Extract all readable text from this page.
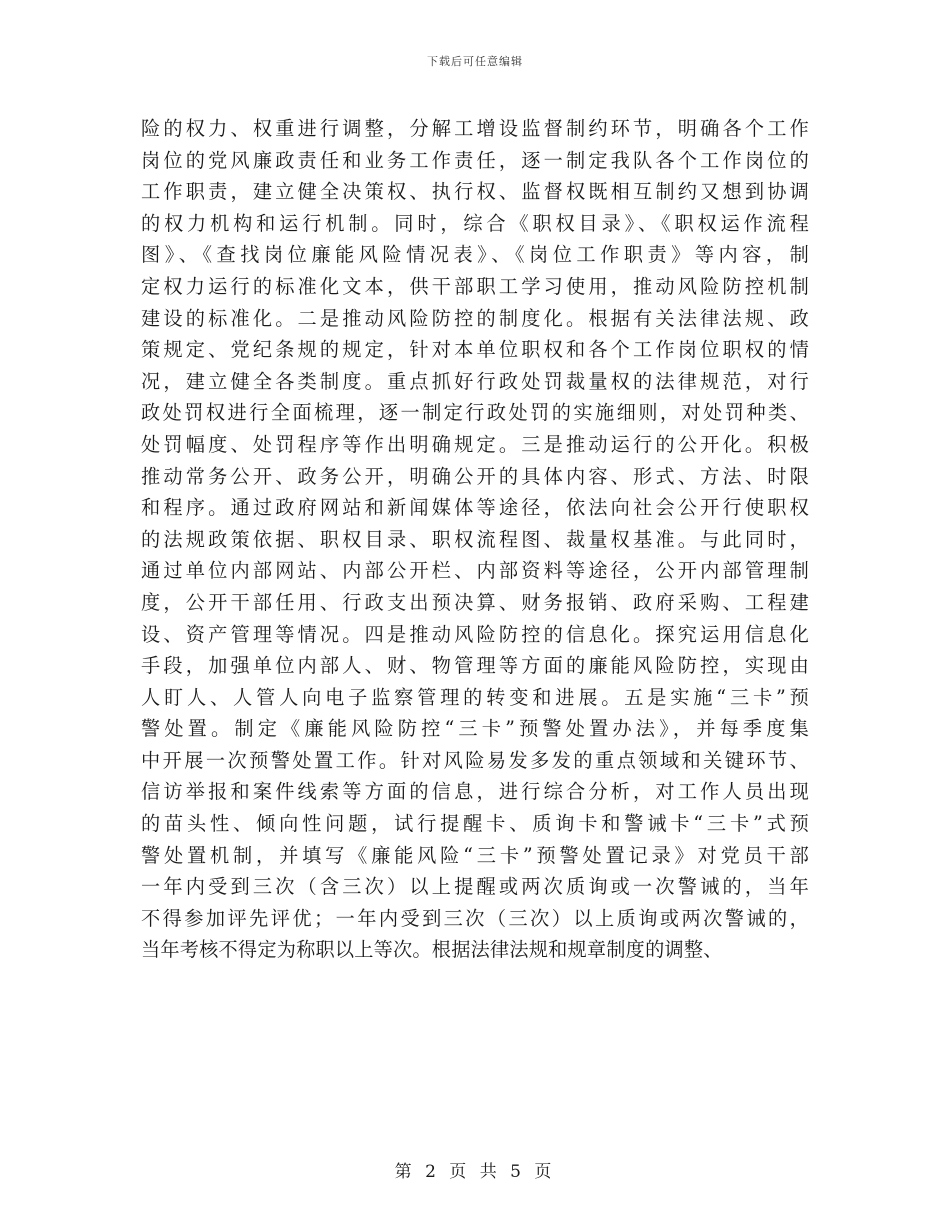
下载后可任意编辑
险的权力、权重进行调整，分解工增设监督制约环节，明确各个工作
岗位的党风廉政责任和业务工作责任，逐一制定我队各个工作岗位的
工作职责，建立健全决策权、执行权、监督权既相互制约又想到协调
的权力机构和运行机制。同时，综合《职权目录》、《职权运作流程
图》、《查找岗位廉能风险情况表》、《岗位工作职责》等内容，制
定权力运行的标准化文本，供干部职工学习使用，推动风险防控机制
建设的标准化。二是推动风险防控的制度化。根据有关法律法规、政
策规定、党纪条规的规定，针对本单位职权和各个工作岗位职权的情
况，建立健全各类制度。重点抓好行政处罚裁量权的法律规范，对行
政处罚权进行全面梳理，逐一制定行政处罚的实施细则，对处罚种类、
处罚幅度、处罚程序等作出明确规定。三是推动运行的公开化。积极
推动常务公开、政务公开，明确公开的具体内容、形式、方法、时限
和程序。通过政府网站和新闻媒体等途径，依法向社会公开行使职权
的法规政策依据、职权目录、职权流程图、裁量权基准。与此同时，
通过单位内部网站、内部公开栏、内部资料等途径，公开内部管理制
度，公开干部任用、行政支出预决算、财务报销、政府采购、工程建
设、资产管理等情况。四是推动风险防控的信息化。探究运用信息化
手段，加强单位内部人、财、物管理等方面的廉能风险防控，实现由
人盯人、人管人向电子监察管理的转变和进展。五是实施“三卡”预
警处置。制定《廉能风险防控“三卡”预警处置办法》，并每季度集
中开展一次预警处置工作。针对风险易发多发的重点领域和关键环节、
信访举报和案件线索等方面的信息，进行综合分析，对工作人员出现
的苗头性、倾向性问题，试行提醒卡、质询卡和警诫卡“三卡”式预
警处置机制，并填写《廉能风险“三卡”预警处置记录》对党员干部
一年内受到三次（含三次）以上提醒或两次质询或一次警诫的，当年
不得参加评先评优；一年内受到三次（三次）以上质询或两次警诫的，
当年考核不得定为称职以上等次。根据法律法规和规章制度的调整、
第 2 页 共 5 页
